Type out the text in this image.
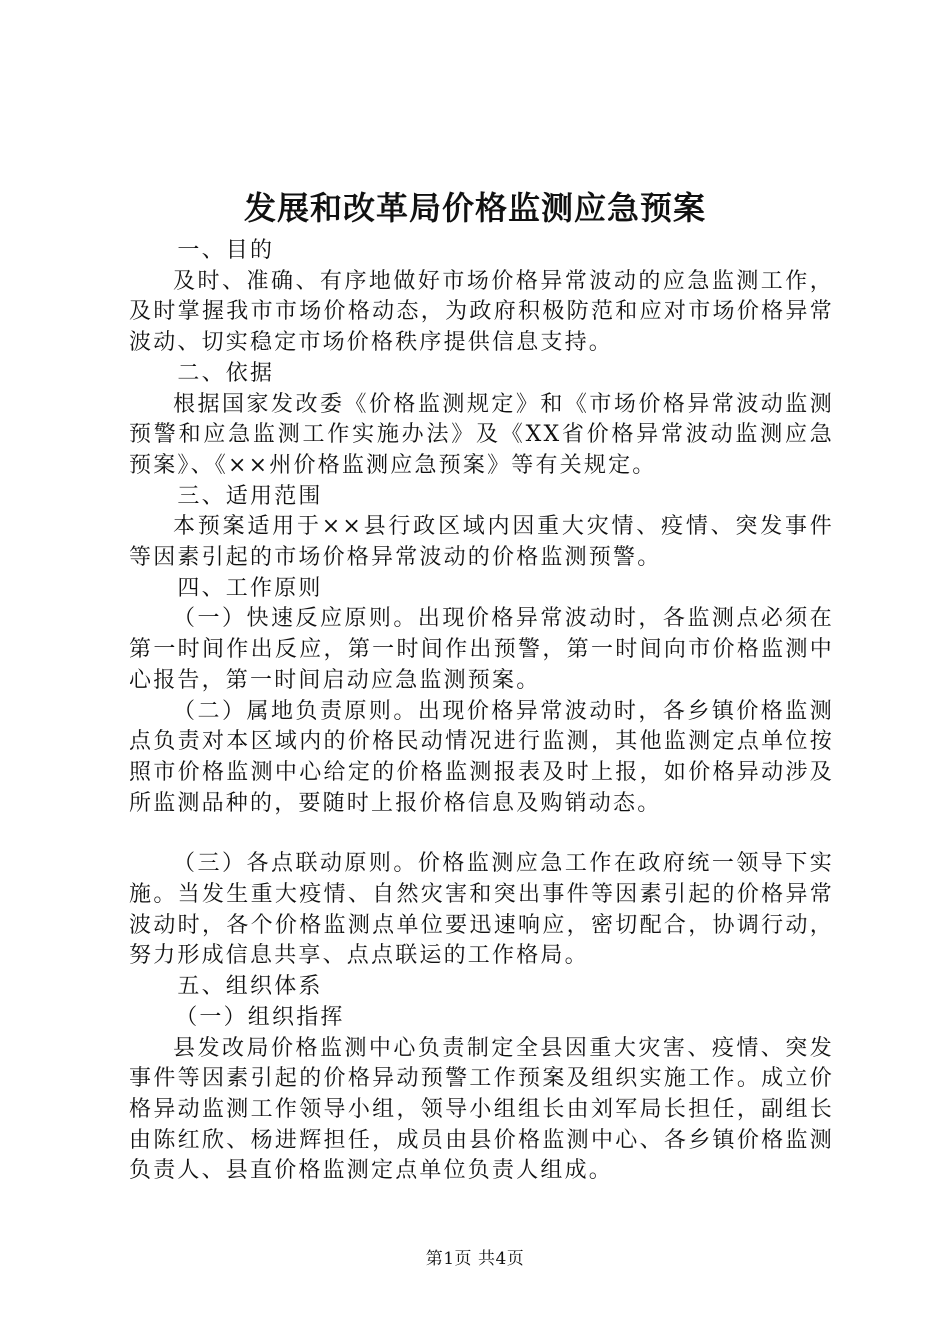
发展和改革局价格监测应急预案

一、目的

及时、准确、有序地做好市场价格异常波动的应急监测工作，及时掌握我市市场价格动态，为政府积极防范和应对市场价格异常波动、切实稳定市场价格秩序提供信息支持。

二、依据

根据国家发改委《价格监测规定》和《市场价格异常波动监测预警和应急监测工作实施办法》及《XX省价格异常波动监测应急预案》、《××州价格监测应急预案》等有关规定。

三、适用范围

本预案适用于××县行政区域内因重大灾情、疫情、突发事件等因素引起的市场价格异常波动的价格监测预警。

四、工作原则

（一）快速反应原则。出现价格异常波动时，各监测点必须在第一时间作出反应，第一时间作出预警，第一时间向市价格监测中心报告，第一时间启动应急监测预案。

（二）属地负责原则。出现价格异常波动时，各乡镇价格监测点负责对本区域内的价格民动情况进行监测，其他监测定点单位按照市价格监测中心给定的价格监测报表及时上报，如价格异动涉及所监测品种的，要随时上报价格信息及购销动态。

（三）各点联动原则。价格监测应急工作在政府统一领导下实施。当发生重大疫情、自然灾害和突出事件等因素引起的价格异常波动时，各个价格监测点单位要迅速响应，密切配合，协调行动，努力形成信息共享、点点联运的工作格局。

五、组织体系

（一）组织指挥

县发改局价格监测中心负责制定全县因重大灾害、疫情、突发事件等因素引起的价格异动预警工作预案及组织实施工作。成立价格异动监测工作领导小组，领导小组组长由刘军局长担任，副组长由陈红欣、杨进辉担任，成员由县价格监测中心、各乡镇价格监测负责人、县直价格监测定点单位负责人组成。

第1页 共4页
